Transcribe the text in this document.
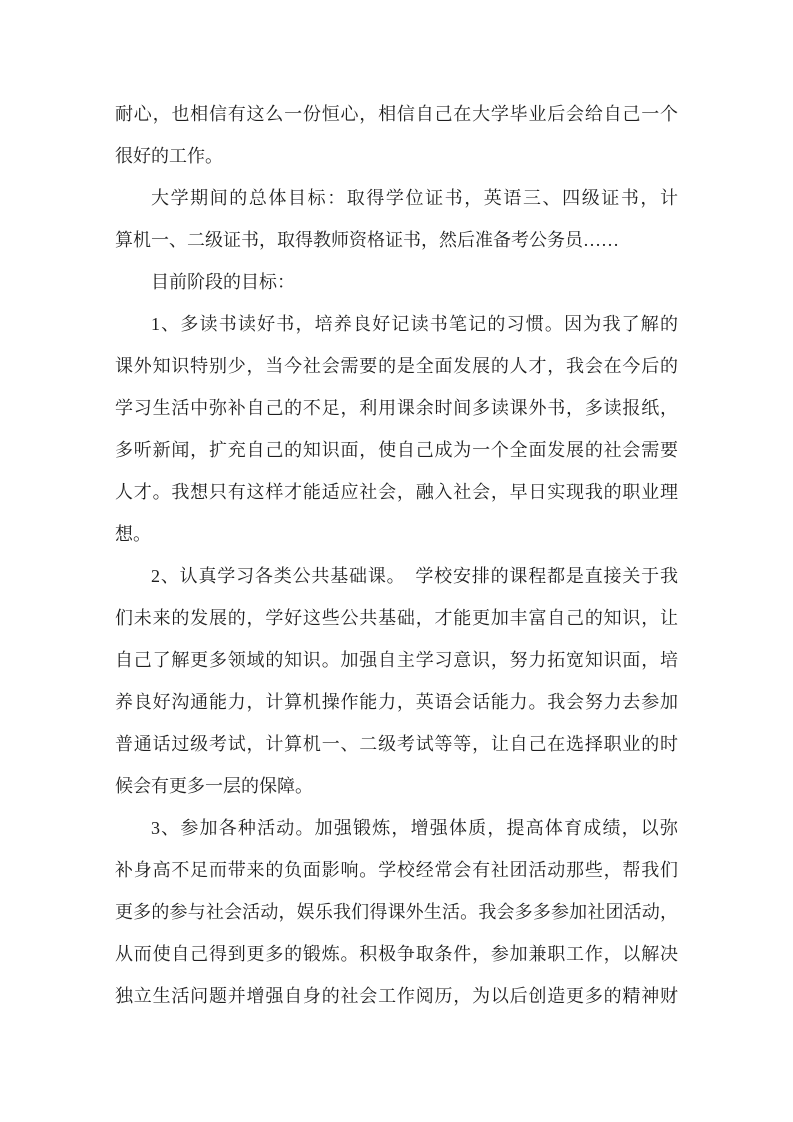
耐心，也相信有这么一份恒心，相信自己在大学毕业后会给自己一个
很好的工作。
大学期间的总体目标：取得学位证书，英语三、四级证书，计
算机一、二级证书，取得教师资格证书，然后准备考公务员……
目前阶段的目标：
1、多读书读好书，培养良好记读书笔记的习惯。因为我了解的
课外知识特别少，当今社会需要的是全面发展的人才，我会在今后的
学习生活中弥补自己的不足，利用课余时间多读课外书，多读报纸，
多听新闻，扩充自己的知识面，使自己成为一个全面发展的社会需要
人才。我想只有这样才能适应社会，融入社会，早日实现我的职业理
想。
2、认真学习各类公共基础课。　学校安排的课程都是直接关于我
们未来的发展的，学好这些公共基础，才能更加丰富自己的知识，让
自己了解更多领域的知识。加强自主学习意识，努力拓宽知识面，培
养良好沟通能力，计算机操作能力，英语会话能力。我会努力去参加
普通话过级考试，计算机一、二级考试等等，让自己在选择职业的时
候会有更多一层的保障。
3、参加各种活动。加强锻炼，增强体质，提高体育成绩，以弥
补身高不足而带来的负面影响。学校经常会有社团活动那些，帮我们
更多的参与社会活动，娱乐我们得课外生活。我会多多参加社团活动，
从而使自己得到更多的锻炼。积极争取条件，参加兼职工作，以解决
独立生活问题并增强自身的社会工作阅历，为以后创造更多的精神财
